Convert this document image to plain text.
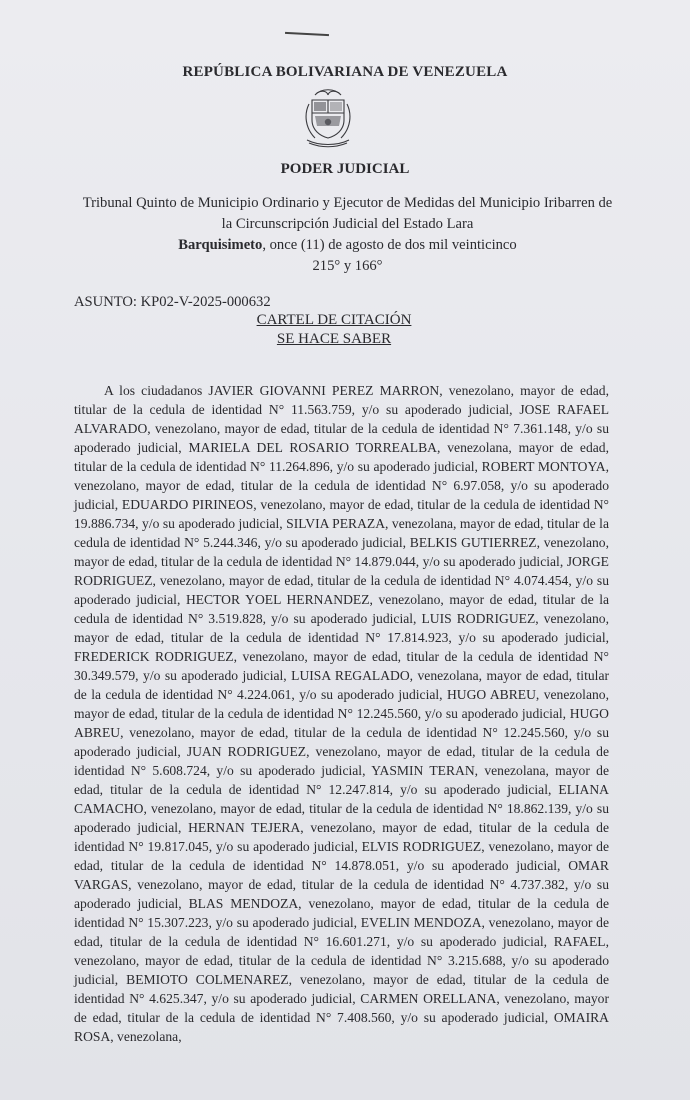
REPÚBLICA BOLIVARIANA DE VENEZUELA
PODER JUDICIAL
Tribunal Quinto de Municipio Ordinario y Ejecutor de Medidas del Municipio Iribarren de
la Circunscripción Judicial del Estado Lara
Barquisimeto, once (11) de agosto de dos mil veinticinco
215° y 166°
ASUNTO: KP02-V-2025-000632
CARTEL DE CITACIÓN
SE HACE SABER

A los ciudadanos JAVIER GIOVANNI PEREZ MARRON, venezolano, mayor de edad, titular de la cedula de identidad N° 11.563.759, y/o su apoderado judicial, JOSE RAFAEL ALVARADO, venezolano, mayor de edad, titular de la cedula de identidad N° 7.361.148, y/o su apoderado judicial, MARIELA DEL ROSARIO TORREALBA, venezolana, mayor de edad, titular de la cedula de identidad N° 11.264.896, y/o su apoderado judicial, ROBERT MONTOYA, venezolano, mayor de edad, titular de la cedula de identidad N° 6.97.058, y/o su apoderado judicial, EDUARDO PIRINEOS, venezolano, mayor de edad, titular de la cedula de identidad N° 19.886.734, y/o su apoderado judicial, SILVIA PERAZA, venezolana, mayor de edad, titular de la cedula de identidad N° 5.244.346, y/o su apoderado judicial, BELKIS GUTIERREZ, venezolano, mayor de edad, titular de la cedula de identidad N° 14.879.044, y/o su apoderado judicial, JORGE RODRIGUEZ, venezolano, mayor de edad, titular de la cedula de identidad N° 4.074.454, y/o su apoderado judicial, HECTOR YOEL HERNANDEZ, venezolano, mayor de edad, titular de la cedula de identidad N° 3.519.828, y/o su apoderado judicial, LUIS RODRIGUEZ, venezolano, mayor de edad, titular de la cedula de identidad N° 17.814.923, y/o su apoderado judicial, FREDERICK RODRIGUEZ, venezolano, mayor de edad, titular de la cedula de identidad N° 30.349.579, y/o su apoderado judicial, LUISA REGALADO, venezolana, mayor de edad, titular de la cedula de identidad N° 4.224.061, y/o su apoderado judicial, HUGO ABREU, venezolano, mayor de edad, titular de la cedula de identidad N° 12.245.560, y/o su apoderado judicial, HUGO ABREU, venezolano, mayor de edad, titular de la cedula de identidad N° 12.245.560, y/o su apoderado judicial, JUAN RODRIGUEZ, venezolano, mayor de edad, titular de la cedula de identidad N° 5.608.724, y/o su apoderado judicial, YASMIN TERAN, venezolana, mayor de edad, titular de la cedula de identidad N° 12.247.814, y/o su apoderado judicial, ELIANA CAMACHO, venezolano, mayor de edad, titular de la cedula de identidad N° 18.862.139, y/o su apoderado judicial, HERNAN TEJERA, venezolano, mayor de edad, titular de la cedula de identidad N° 19.817.045, y/o su apoderado judicial, ELVIS RODRIGUEZ, venezolano, mayor de edad, titular de la cedula de identidad N° 14.878.051, y/o su apoderado judicial, OMAR VARGAS, venezolano, mayor de edad, titular de la cedula de identidad N° 4.737.382, y/o su apoderado judicial, BLAS MENDOZA, venezolano, mayor de edad, titular de la cedula de identidad N° 15.307.223, y/o su apoderado judicial, EVELIN MENDOZA, venezolano, mayor de edad, titular de la cedula de identidad N° 16.601.271, y/o su apoderado judicial, RAFAEL, venezolano, mayor de edad, titular de la cedula de identidad N° 3.215.688, y/o su apoderado judicial, BEMIOTO COLMENAREZ, venezolano, mayor de edad, titular de la cedula de identidad N° 4.625.347, y/o su apoderado judicial, CARMEN ORELLANA, venezolano, mayor de edad, titular de la cedula de identidad N° 7.408.560, y/o su apoderado judicial, OMAIRA ROSA, venezolana,
